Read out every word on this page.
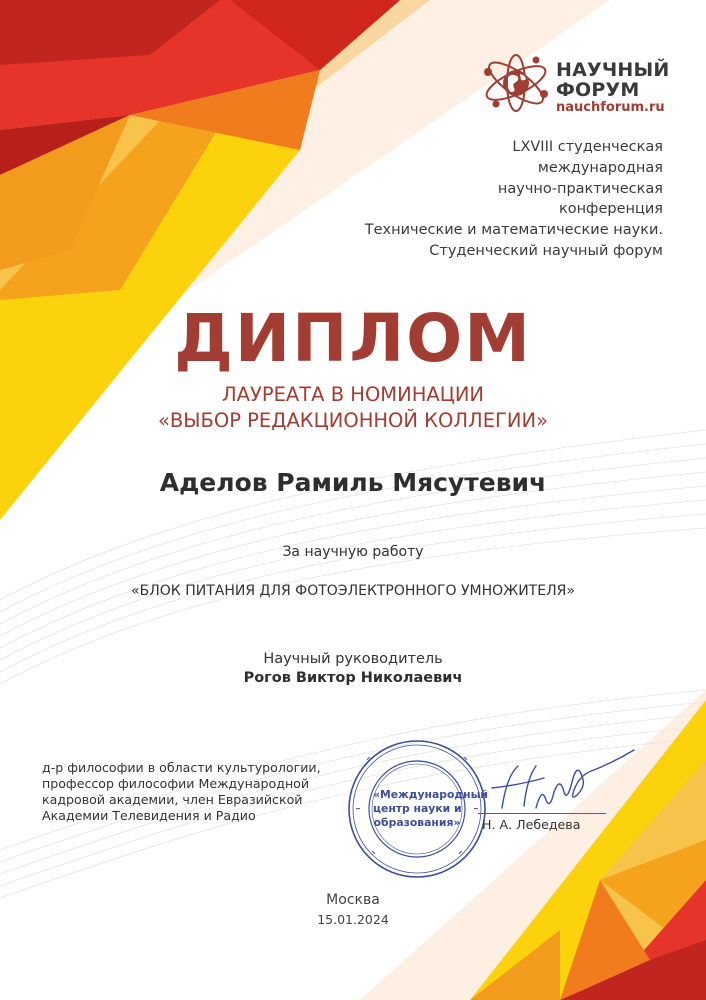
НАУЧНЫЙ
ФОРУМ
nauchforum.ru
LXVIII студенческая
международная
научно-практическая
конференция
Технические и математические науки.
Студенческий научный форум
ДИПЛОМ
ЛАУРЕАТА В НОМИНАЦИИ
«ВЫБОР РЕДАКЦИОННОЙ КОЛЛЕГИИ»
Аделов Рамиль Мясутевич
За научную работу
«БЛОК ПИТАНИЯ ДЛЯ ФОТОЭЛЕКТРОННОГО УМНОЖИТЕЛЯ»
Научный руководитель
Рогов Виктор Николаевич
д-р философии в области культурологии,
профессор философии Международной
кадровой академии, член Евразийской
Академии Телевидения и Радио
«Международный
центр науки и
образования» Н. А. Лебедева
Москва
15.01.2024
